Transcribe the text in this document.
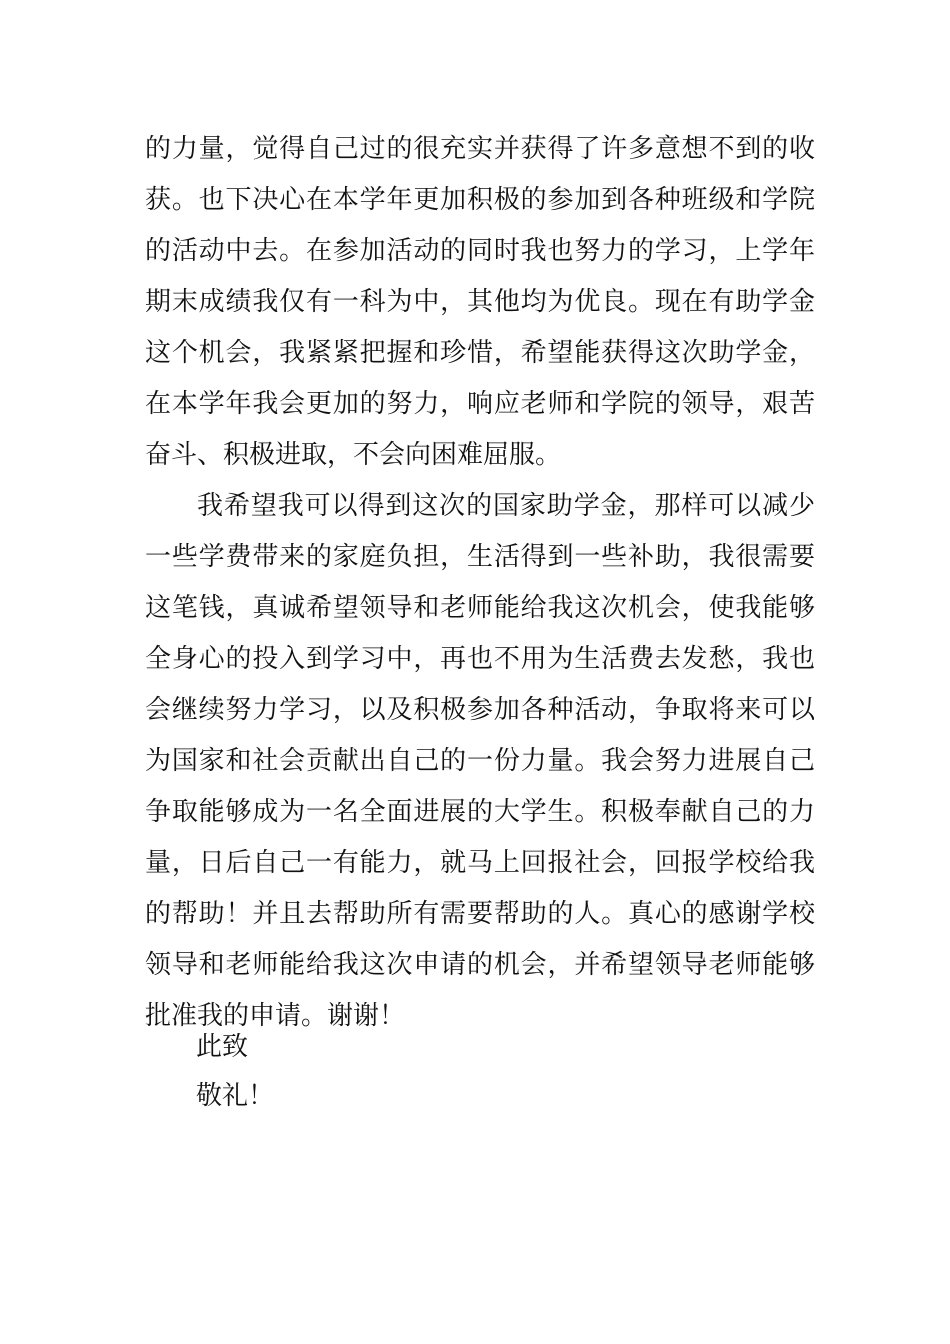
的力量，觉得自己过的很充实并获得了许多意想不到的收
获。也下决心在本学年更加积极的参加到各种班级和学院
的活动中去。在参加活动的同时我也努力的学习，上学年
期末成绩我仅有一科为中，其他均为优良。现在有助学金
这个机会，我紧紧把握和珍惜，希望能获得这次助学金，
在本学年我会更加的努力，响应老师和学院的领导，艰苦
奋斗、积极进取，不会向困难屈服。
我希望我可以得到这次的国家助学金，那样可以减少
一些学费带来的家庭负担，生活得到一些补助，我很需要
这笔钱，真诚希望领导和老师能给我这次机会，使我能够
全身心的投入到学习中，再也不用为生活费去发愁，我也
会继续努力学习，以及积极参加各种活动，争取将来可以
为国家和社会贡献出自己的一份力量。我会努力进展自己
争取能够成为一名全面进展的大学生。积极奉献自己的力
量，日后自己一有能力，就马上回报社会，回报学校给我
的帮助！并且去帮助所有需要帮助的人。真心的感谢学校
领导和老师能给我这次申请的机会，并希望领导老师能够
批准我的申请。谢谢！
此致
敬礼！
